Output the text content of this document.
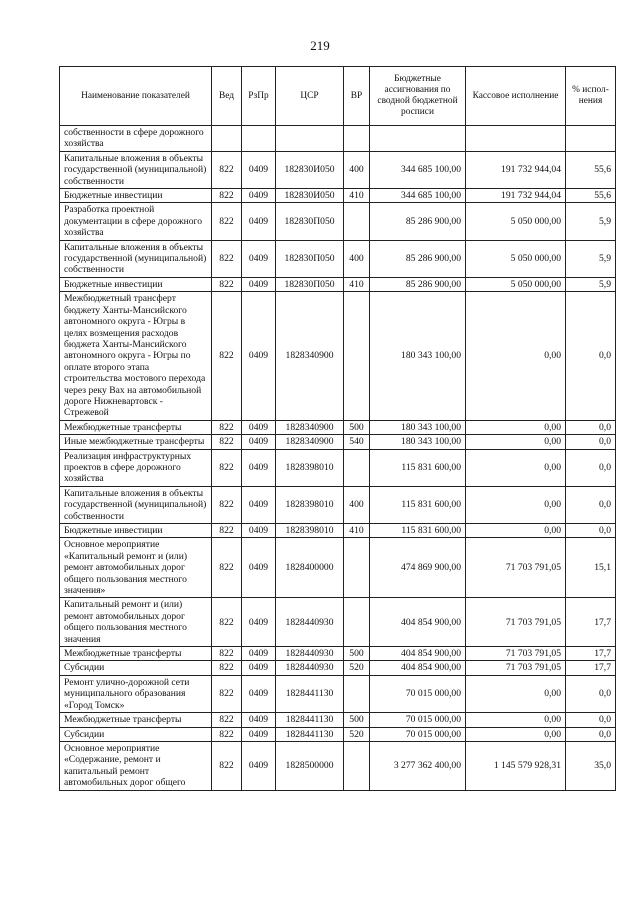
219
Наименование показателей	Вед	РзПр	ЦСР	ВР	Бюджетные ассигнования по сводной бюджетной росписи	Кассовое исполнение	% испол-нения
собственности в сфере дорожного хозяйства							
Капитальные вложения в объекты государственной (муниципальной) собственности	822	0409	182830И050	400	344 685 100,00	191 732 944,04	55,6
Бюджетные инвестиции	822	0409	182830И050	410	344 685 100,00	191 732 944,04	55,6
Разработка проектной документации в сфере дорожного хозяйства	822	0409	182830П050		85 286 900,00	5 050 000,00	5,9
Капитальные вложения в объекты государственной (муниципальной) собственности	822	0409	182830П050	400	85 286 900,00	5 050 000,00	5,9
Бюджетные инвестиции	822	0409	182830П050	410	85 286 900,00	5 050 000,00	5,9
Межбюджетный трансферт бюджету Ханты-Мансийского автономного округа - Югры в целях возмещения расходов бюджета Ханты-Мансийского автономного округа - Югры по оплате второго этапа строительства мостового перехода через реку Вах на автомобильной дороге Нижневартовск - Стрежевой	822	0409	1828340900		180 343 100,00	0,00	0,0
Межбюджетные трансферты	822	0409	1828340900	500	180 343 100,00	0,00	0,0
Иные межбюджетные трансферты	822	0409	1828340900	540	180 343 100,00	0,00	0,0
Реализация инфраструктурных проектов в сфере дорожного хозяйства	822	0409	1828398010		115 831 600,00	0,00	0,0
Капитальные вложения в объекты государственной (муниципальной) собственности	822	0409	1828398010	400	115 831 600,00	0,00	0,0
Бюджетные инвестиции	822	0409	1828398010	410	115 831 600,00	0,00	0,0
Основное мероприятие «Капитальный ремонт и (или) ремонт автомобильных дорог общего пользования местного значения»	822	0409	1828400000		474 869 900,00	71 703 791,05	15,1
Капитальный ремонт и (или) ремонт автомобильных дорог общего пользования местного значения	822	0409	1828440930		404 854 900,00	71 703 791,05	17,7
Межбюджетные трансферты	822	0409	1828440930	500	404 854 900,00	71 703 791,05	17,7
Субсидии	822	0409	1828440930	520	404 854 900,00	71 703 791,05	17,7
Ремонт улично-дорожной сети муниципального образования «Город Томск»	822	0409	1828441130		70 015 000,00	0,00	0,0
Межбюджетные трансферты	822	0409	1828441130	500	70 015 000,00	0,00	0,0
Субсидии	822	0409	1828441130	520	70 015 000,00	0,00	0,0
Основное мероприятие «Содержание, ремонт и капитальный ремонт автомобильных дорог общего	822	0409	1828500000		3 277 362 400,00	1 145 579 928,31	35,0
